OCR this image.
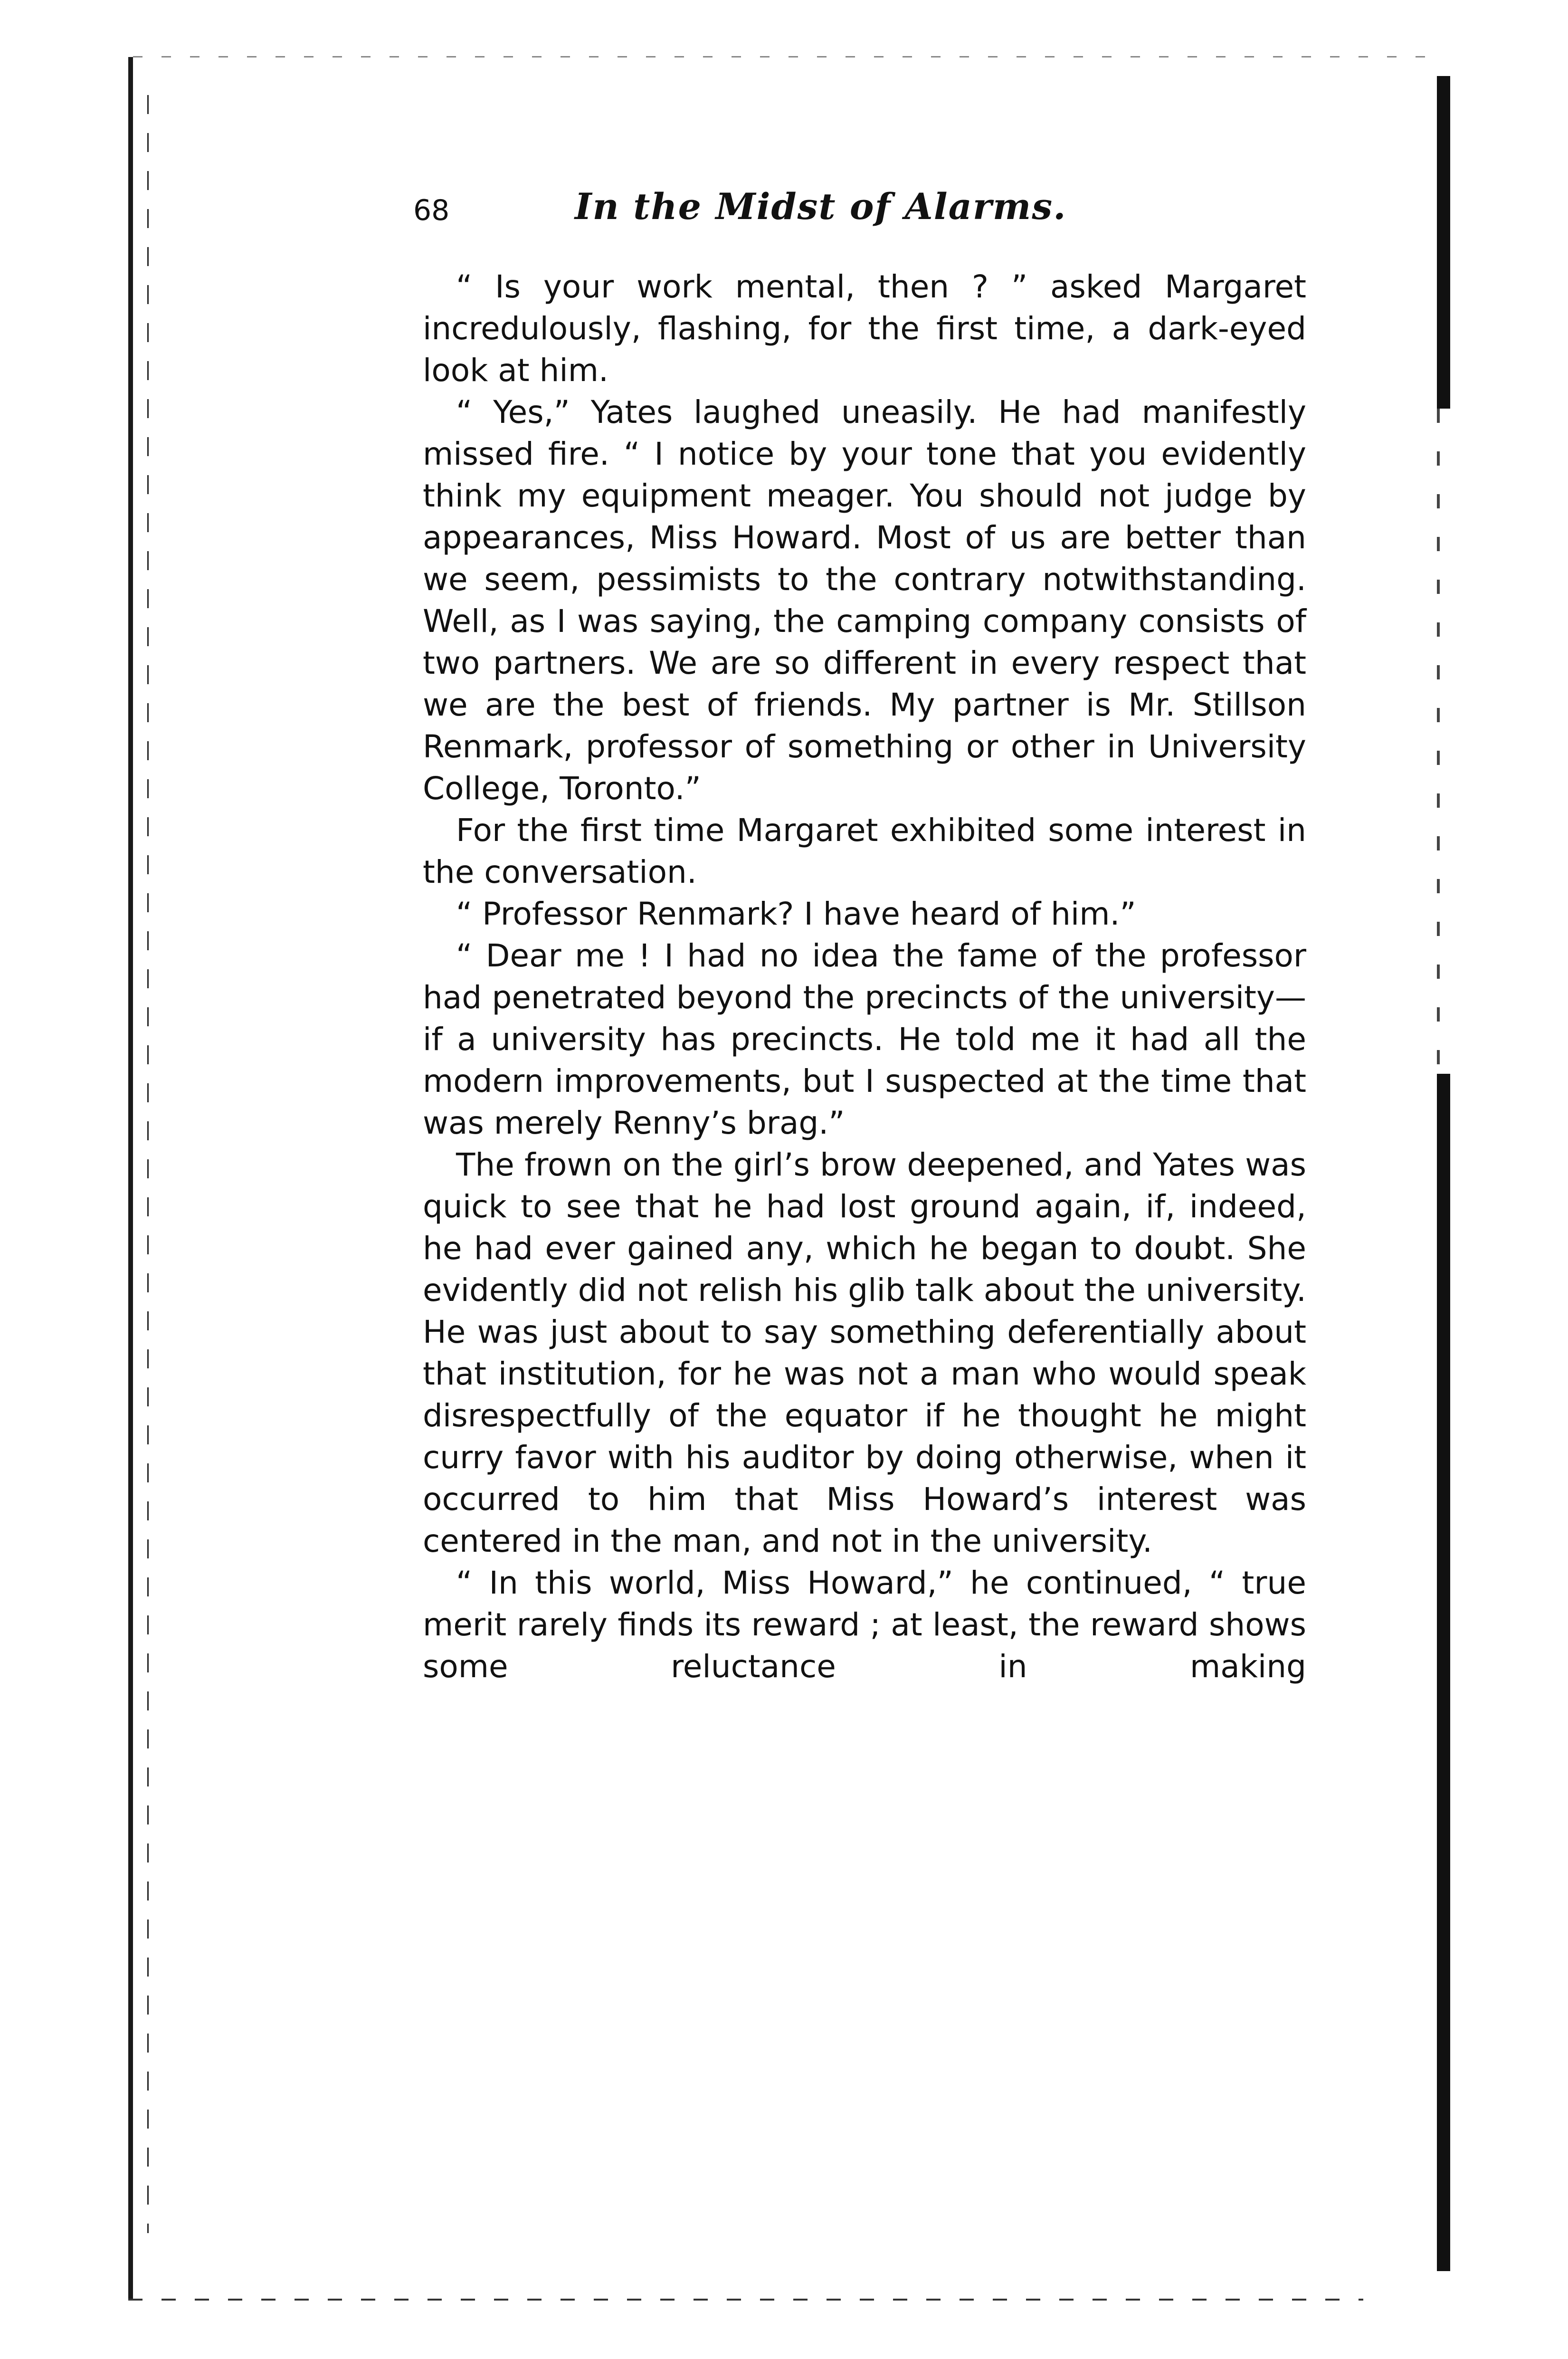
68	In the Midst of Alarms.

“ Is your work mental, then ? ” asked Margaret incredulously, flashing, for the first time, a dark-eyed look at him.

“ Yes,” Yates laughed uneasily. He had manifestly missed fire. “ I notice by your tone that you evidently think my equipment meager. You should not judge by appearances, Miss Howard. Most of us are better than we seem, pessimists to the contrary notwithstanding. Well, as I was saying, the camping company consists of two partners. We are so different in every respect that we are the best of friends. My partner is Mr. Stillson Renmark, professor of something or other in University College, Toronto.”

For the first time Margaret exhibited some interest in the conversation.

“ Professor Renmark? I have heard of him.”

“ Dear me ! I had no idea the fame of the professor had penetrated beyond the precincts of the university—if a university has precincts. He told me it had all the modern improvements, but I suspected at the time that was merely Renny’s brag.”

The frown on the girl’s brow deepened, and Yates was quick to see that he had lost ground again, if, indeed, he had ever gained any, which he began to doubt. She evidently did not relish his glib talk about the university. He was just about to say something deferentially about that institution, for he was not a man who would speak disrespectfully of the equator if he thought he might curry favor with his auditor by doing otherwise, when it occurred to him that Miss Howard’s interest was centered in the man, and not in the university.

“ In this world, Miss Howard,” he continued, “ true merit rarely finds its reward ; at least, the reward shows some reluctance in making
